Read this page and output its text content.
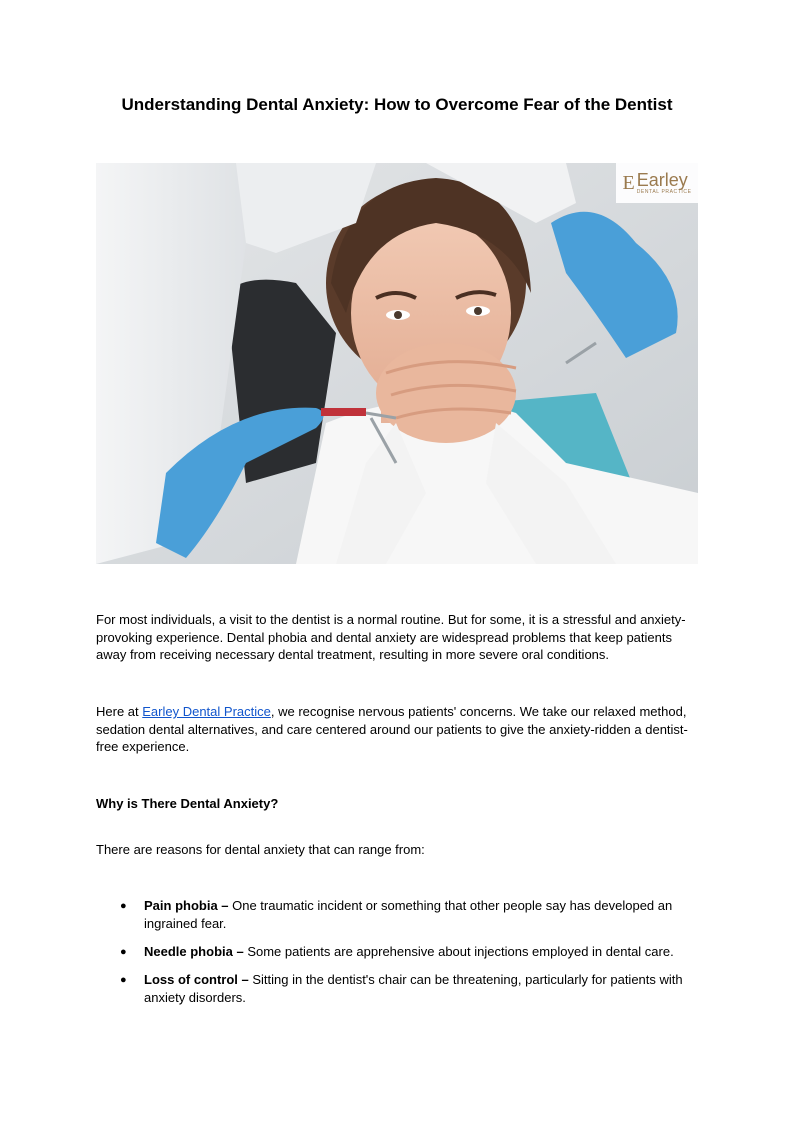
Understanding Dental Anxiety: How to Overcome Fear of the Dentist
E Earley
DENTAL PRACTICE

For most individuals, a visit to the dentist is a normal routine. But for some, it is a stressful and anxiety-provoking experience. Dental phobia and dental anxiety are widespread problems that keep patients away from receiving necessary dental treatment, resulting in more severe oral conditions.

Here at Earley Dental Practice, we recognise nervous patients' concerns. We take our relaxed method, sedation dental alternatives, and care centered around our patients to give the anxiety-ridden a dentist-free experience.

Why is There Dental Anxiety?

There are reasons for dental anxiety that can range from:

● Pain phobia – One traumatic incident or something that other people say has developed an ingrained fear.
● Needle phobia – Some patients are apprehensive about injections employed in dental care.
● Loss of control – Sitting in the dentist's chair can be threatening, particularly for patients with anxiety disorders.
